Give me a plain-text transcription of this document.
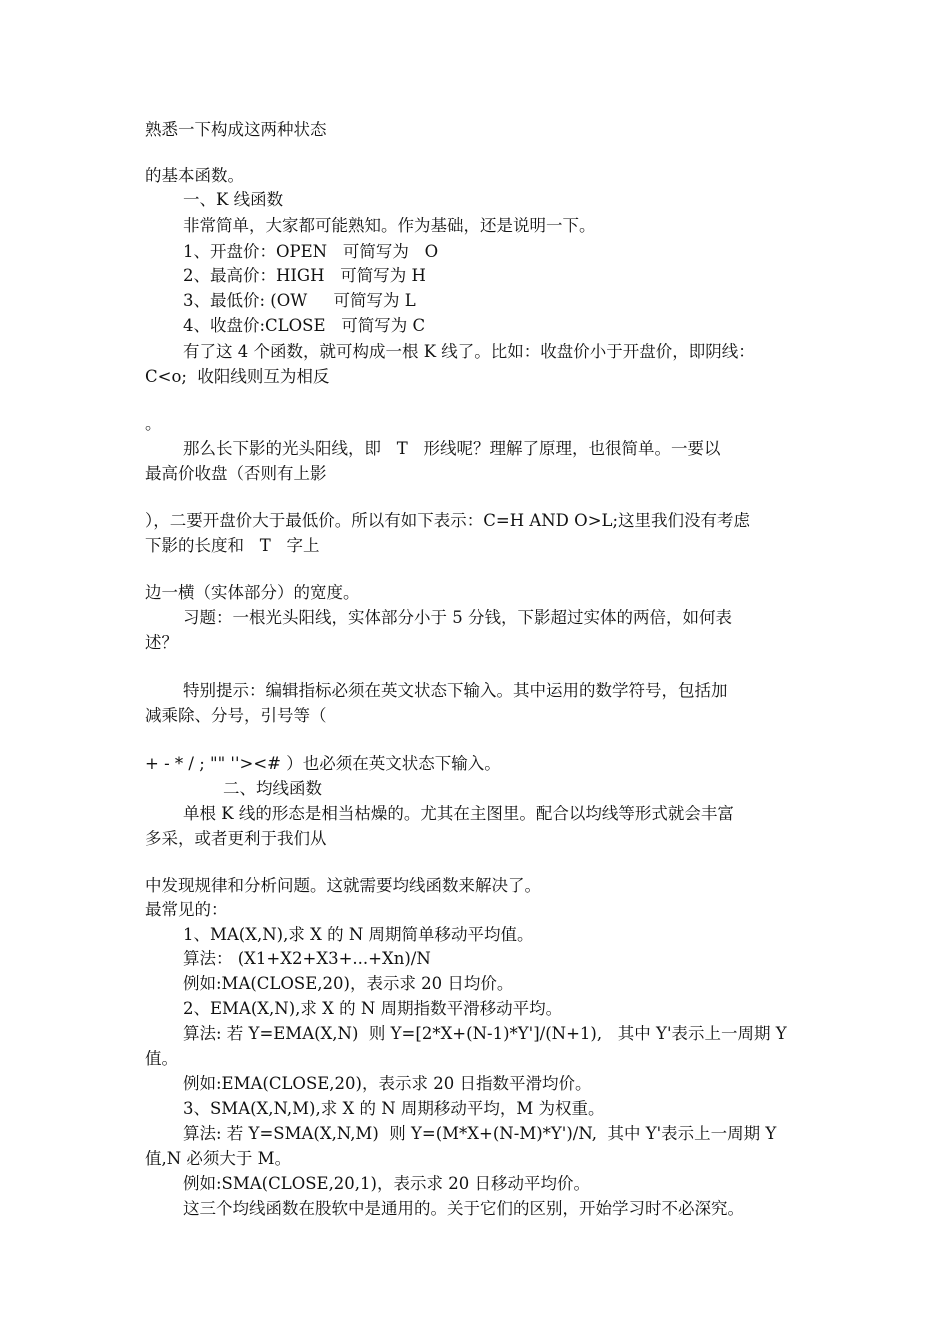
熟悉一下构成这两种状态
的基本函数。
一、K 线函数
非常简单，大家都可能熟知。作为基础，还是说明一下。
1、开盘价：OPEN   可简写为   O
2、最高价：HIGH   可简写为 H
3、最低价: (OW     可简写为 L
4、收盘价:CLOSE   可简写为 C
有了这 4 个函数，就可构成一根 K 线了。比如：收盘价小于开盘价，即阴线：
C<o;  收阳线则互为相反
。
那么长下影的光头阳线，即   T   形线呢？理解了原理，也很简单。一要以
最高价收盘（否则有上影
），二要开盘价大于最低价。所以有如下表示：C=H AND O>L;这里我们没有考虑
下影的长度和   T   字上
边一横（实体部分）的宽度。
习题：一根光头阳线，实体部分小于 5 分钱，下影超过实体的两倍，如何表
述？
特别提示：编辑指标必须在英文状态下输入。其中运用的数学符号，包括加
减乘除、分号，引号等（
+ - * / ; "" ''><# ）也必须在英文状态下输入。
二、均线函数
单根 K 线的形态是相当枯燥的。尤其在主图里。配合以均线等形式就会丰富
多采，或者更利于我们从
中发现规律和分析问题。这就需要均线函数来解决了。
最常见的：
1、MA(X,N),求 X 的 N 周期简单移动平均值。
算法： (X1+X2+X3+...+Xn)/N
例如:MA(CLOSE,20)，表示求 20 日均价。
2、EMA(X,N),求 X 的 N 周期指数平滑移动平均。
算法: 若 Y=EMA(X,N)  则 Y=[2*X+(N-1)*Y']/(N+1),   其中 Y'表示上一周期 Y
值。
例如:EMA(CLOSE,20)，表示求 20 日指数平滑均价。
3、SMA(X,N,M),求 X 的 N 周期移动平均，M 为权重。
算法: 若 Y=SMA(X,N,M)  则 Y=(M*X+(N-M)*Y')/N,  其中 Y'表示上一周期 Y
值,N 必须大于 M。
例如:SMA(CLOSE,20,1)，表示求 20 日移动平均价。
这三个均线函数在股软中是通用的。关于它们的区别，开始学习时不必深究。
